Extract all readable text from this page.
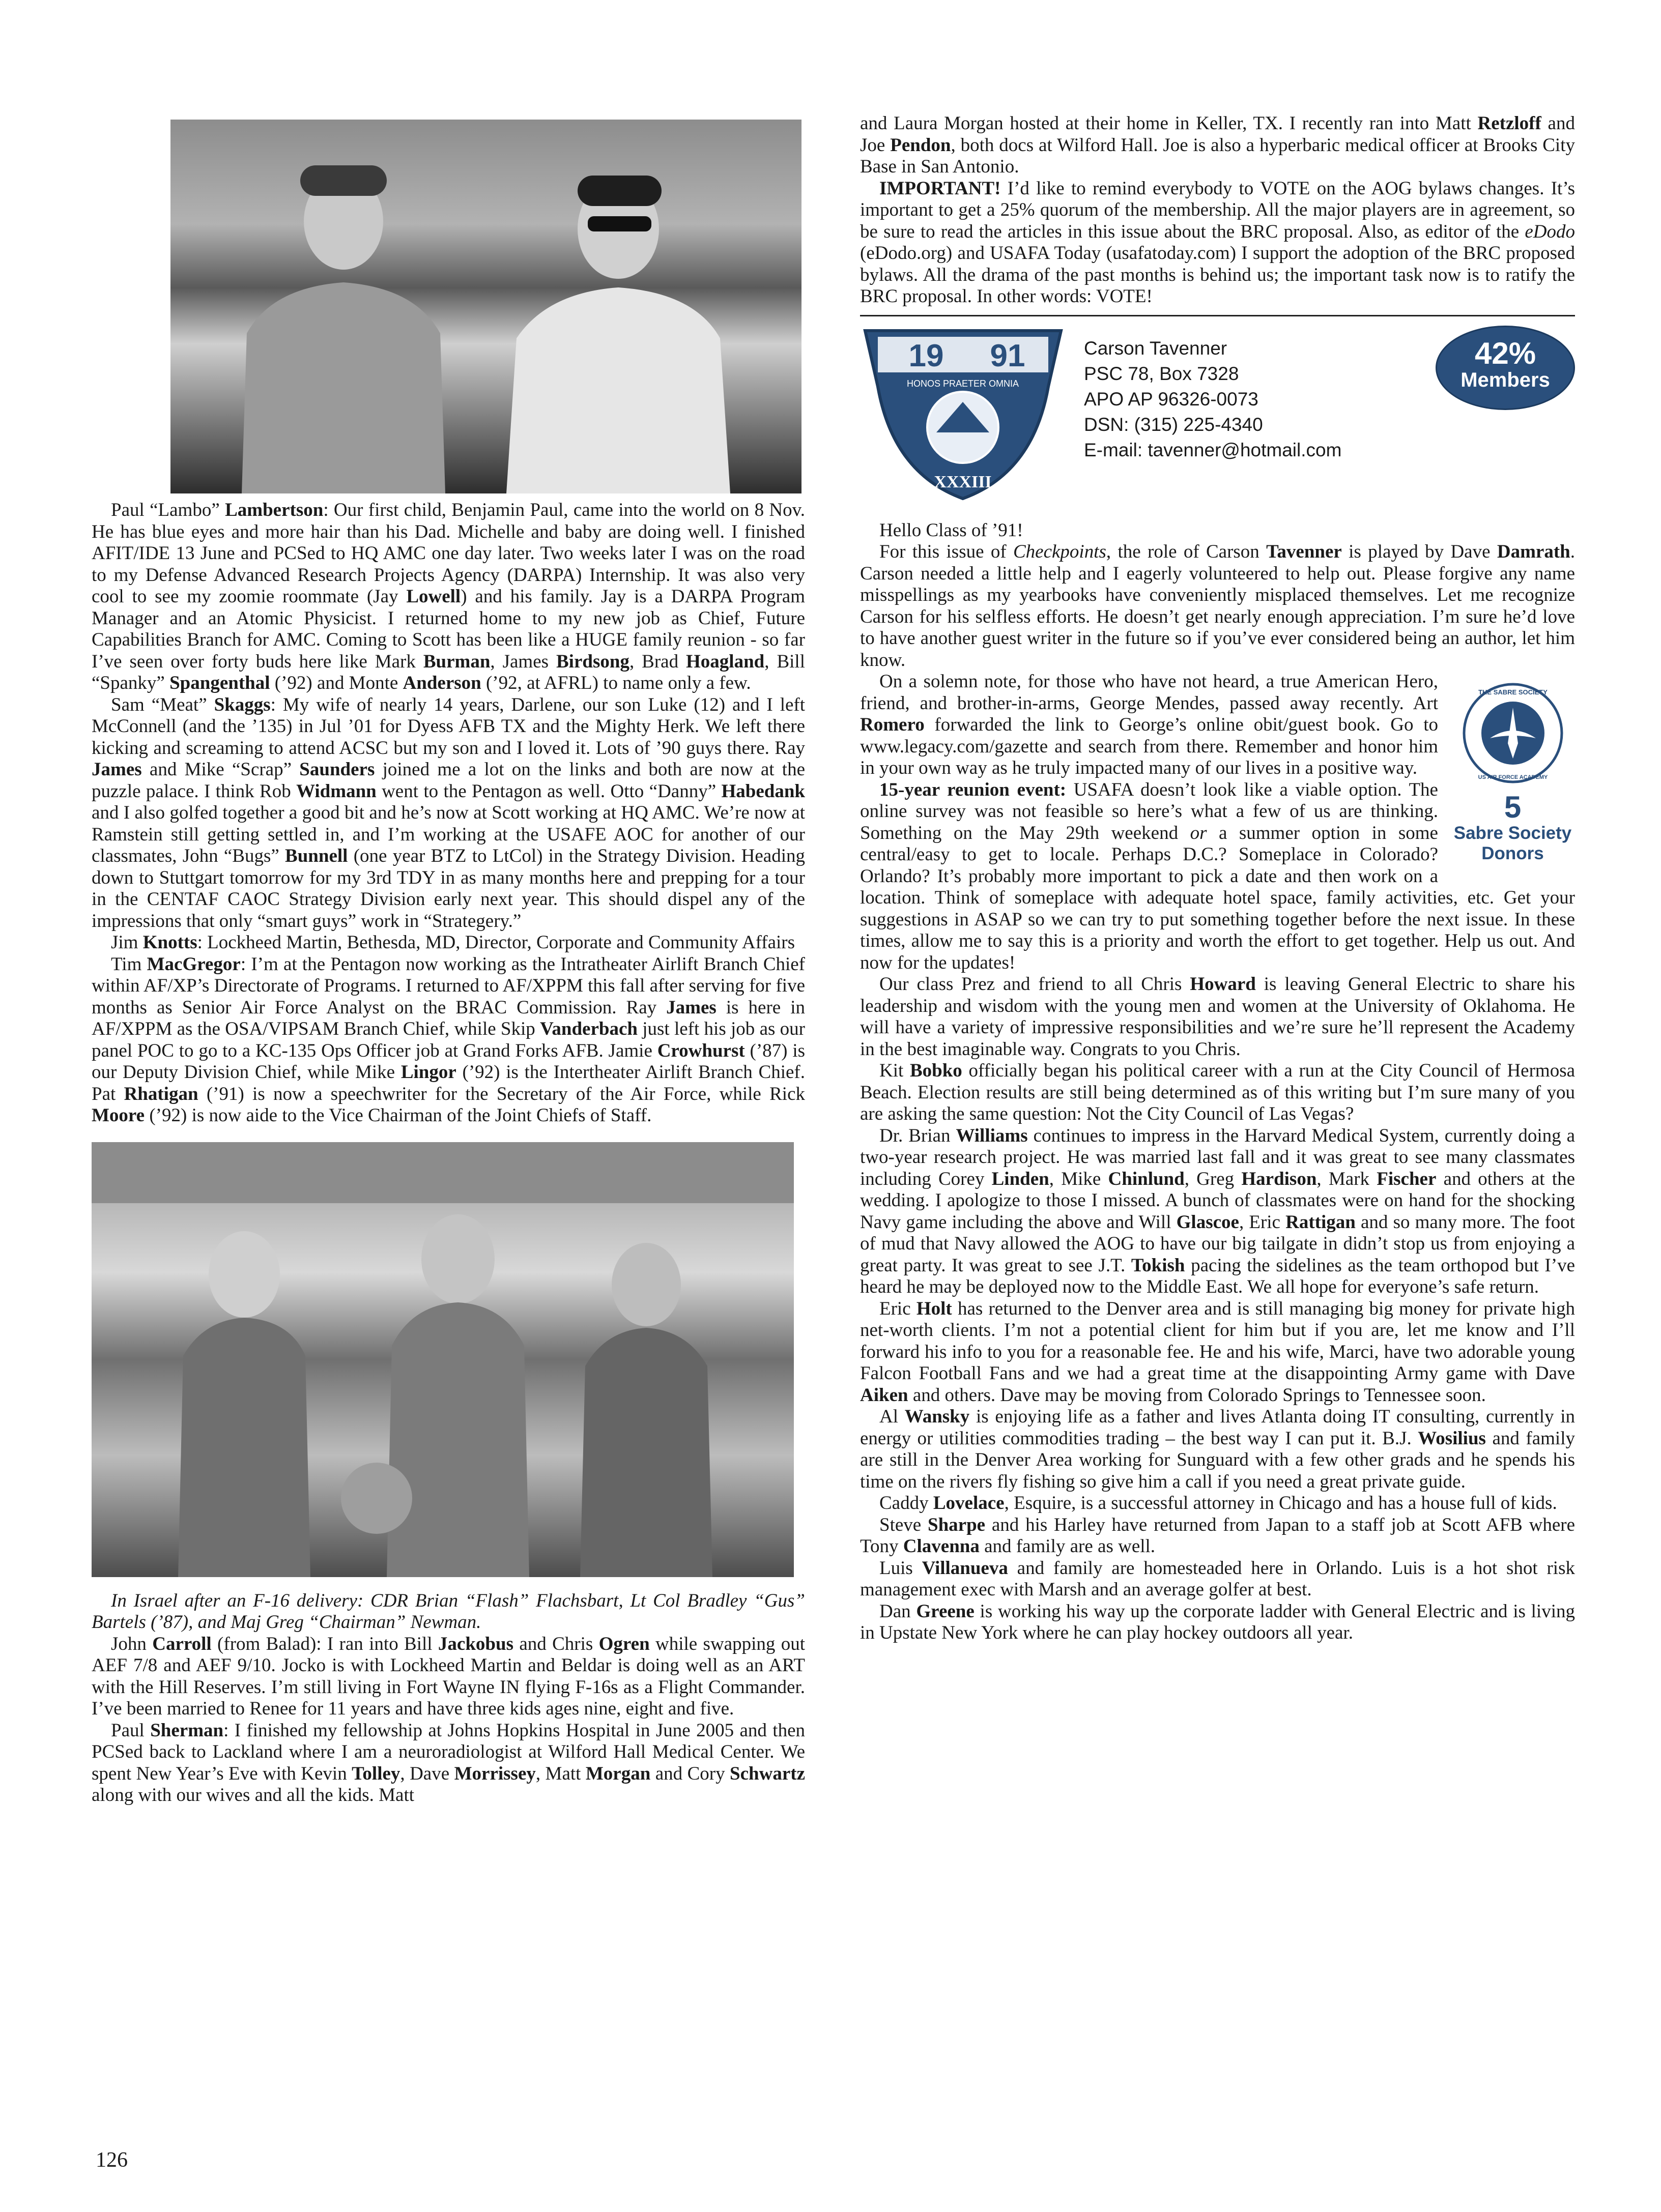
Paul “Lambo” Lambertson: Our first child, Benjamin Paul, came into the world on 8 Nov. He has blue eyes and more hair than his Dad. Michelle and baby are doing well. I finished AFIT/IDE 13 June and PCSed to HQ AMC one day later. Two weeks later I was on the road to my Defense Advanced Research Projects Agency (DARPA) Internship. It was also very cool to see my zoomie roommate (Jay Lowell) and his family. Jay is a DARPA Program Manager and an Atomic Physicist. I returned home to my new job as Chief, Future Capabilities Branch for AMC. Coming to Scott has been like a HUGE family reunion - so far I’ve seen over forty buds here like Mark Burman, James Birdsong, Brad Hoagland, Bill “Spanky” Spangenthal (’92) and Monte Anderson (’92, at AFRL) to name only a few.

Sam “Meat” Skaggs: My wife of nearly 14 years, Darlene, our son Luke (12) and I left McConnell (and the ’135) in Jul ’01 for Dyess AFB TX and the Mighty Herk. We left there kicking and screaming to attend ACSC but my son and I loved it. Lots of ’90 guys there. Ray James and Mike “Scrap” Saunders joined me a lot on the links and both are now at the puzzle palace. I think Rob Widmann went to the Pentagon as well. Otto “Danny” Habedank and I also golfed together a good bit and he’s now at Scott working at HQ AMC. We’re now at Ramstein still getting settled in, and I’m working at the USAFE AOC for another of our classmates, John “Bugs” Bunnell (one year BTZ to LtCol) in the Strategy Division. Heading down to Stuttgart tomorrow for my 3rd TDY in as many months here and prepping for a tour in the CENTAF CAOC Strategy Division early next year. This should dispel any of the impressions that only “smart guys” work in “Strategery.”

Jim Knotts: Lockheed Martin, Bethesda, MD, Director, Corporate and Community Affairs

Tim MacGregor: I’m at the Pentagon now working as the Intratheater Airlift Branch Chief within AF/XP’s Directorate of Programs. I returned to AF/XPPM this fall after serving for five months as Senior Air Force Analyst on the BRAC Commission. Ray James is here in AF/XPPM as the OSA/VIPSAM Branch Chief, while Skip Vanderbach just left his job as our panel POC to go to a KC-135 Ops Officer job at Grand Forks AFB. Jamie Crowhurst (’87) is our Deputy Division Chief, while Mike Lingor (’92) is the Intertheater Airlift Branch Chief. Pat Rhatigan (’91) is now a speechwriter for the Secretary of the Air Force, while Rick Moore (’92) is now aide to the Vice Chairman of the Joint Chiefs of Staff.

In Israel after an F-16 delivery: CDR Brian “Flash” Flachsbart, Lt Col Bradley “Gus” Bartels (’87), and Maj Greg “Chairman” Newman.

John Carroll (from Balad): I ran into Bill Jackobus and Chris Ogren while swapping out AEF 7/8 and AEF 9/10. Jocko is with Lockheed Martin and Beldar is doing well as an ART with the Hill Reserves. I’m still living in Fort Wayne IN flying F-16s as a Flight Commander. I’ve been married to Renee for 11 years and have three kids ages nine, eight and five.

Paul Sherman: I finished my fellowship at Johns Hopkins Hospital in June 2005 and then PCSed back to Lackland where I am a neuroradiologist at Wilford Hall Medical Center. We spent New Year’s Eve with Kevin Tolley, Dave Morrissey, Matt Morgan and Cory Schwartz along with our wives and all the kids. Matt

and Laura Morgan hosted at their home in Keller, TX. I recently ran into Matt Retzloff and Joe Pendon, both docs at Wilford Hall. Joe is also a hyperbaric medical officer at Brooks City Base in San Antonio.

IMPORTANT! I’d like to remind everybody to VOTE on the AOG bylaws changes. It’s important to get a 25% quorum of the membership. All the major players are in agreement, so be sure to read the articles in this issue about the BRC proposal. Also, as editor of the eDodo (eDodo.org) and USAFA Today (usafatoday.com) I support the adoption of the BRC proposed bylaws. All the drama of the past months is behind us; the important task now is to ratify the BRC proposal. In other words: VOTE!

19 91
HONOS PRAETER OMNIA
XXXIII
Carson Tavenner
PSC 78, Box 7328
APO AP 96326-0073
DSN: (315) 225-4340
E-mail: tavenner@hotmail.com
42%
Members

Hello Class of ’91!

For this issue of Checkpoints, the role of Carson Tavenner is played by Dave Damrath. Carson needed a little help and I eagerly volunteered to help out. Please forgive any name misspellings as my yearbooks have conveniently misplaced themselves. Let me recognize Carson for his selfless efforts. He doesn’t get nearly enough appreciation. I’m sure he’d love to have another guest writer in the future so if you’ve ever considered being an author, let him know.

THE SABRE SOCIETY
US AIR FORCE ACADEMY
5
Sabre Society
Donors

On a solemn note, for those who have not heard, a true American Hero, friend, and brother-in-arms, George Mendes, passed away recently. Art Romero forwarded the link to George’s online obit/guest book. Go to www.legacy.com/gazette and search from there. Remember and honor him in your own way as he truly impacted many of our lives in a positive way.

15-year reunion event: USAFA doesn’t look like a viable option. The online survey was not feasible so here’s what a few of us are thinking. Something on the May 29th weekend or a summer option in some central/easy to get to locale. Perhaps D.C.? Someplace in Colorado? Orlando? It’s probably more important to pick a date and then work on a location. Think of someplace with adequate hotel space, family activities, etc. Get your suggestions in ASAP so we can try to put something together before the next issue. In these times, allow me to say this is a priority and worth the effort to get together. Help us out. And now for the updates!

Our class Prez and friend to all Chris Howard is leaving General Electric to share his leadership and wisdom with the young men and women at the University of Oklahoma. He will have a variety of impressive responsibilities and we’re sure he’ll represent the Academy in the best imaginable way. Congrats to you Chris.

Kit Bobko officially began his political career with a run at the City Council of Hermosa Beach. Election results are still being determined as of this writing but I’m sure many of you are asking the same question: Not the City Council of Las Vegas?

Dr. Brian Williams continues to impress in the Harvard Medical System, currently doing a two-year research project. He was married last fall and it was great to see many classmates including Corey Linden, Mike Chinlund, Greg Hardison, Mark Fischer and others at the wedding. I apologize to those I missed. A bunch of classmates were on hand for the shocking Navy game including the above and Will Glascoe, Eric Rattigan and so many more. The foot of mud that Navy allowed the AOG to have our big tailgate in didn’t stop us from enjoying a great party. It was great to see J.T. Tokish pacing the sidelines as the team orthopod but I’ve heard he may be deployed now to the Middle East. We all hope for everyone’s safe return.

Eric Holt has returned to the Denver area and is still managing big money for private high net-worth clients. I’m not a potential client for him but if you are, let me know and I’ll forward his info to you for a reasonable fee. He and his wife, Marci, have two adorable young Falcon Football Fans and we had a great time at the disappointing Army game with Dave Aiken and others. Dave may be moving from Colorado Springs to Tennessee soon.

Al Wansky is enjoying life as a father and lives Atlanta doing IT consulting, currently in energy or utilities commodities trading – the best way I can put it. B.J. Wosilius and family are still in the Denver Area working for Sunguard with a few other grads and he spends his time on the rivers fly fishing so give him a call if you need a great private guide.

Caddy Lovelace, Esquire, is a successful attorney in Chicago and has a house full of kids.

Steve Sharpe and his Harley have returned from Japan to a staff job at Scott AFB where Tony Clavenna and family are as well.

Luis Villanueva and family are homesteaded here in Orlando. Luis is a hot shot risk management exec with Marsh and an average golfer at best.

Dan Greene is working his way up the corporate ladder with General Electric and is living in Upstate New York where he can play hockey outdoors all year.

126
